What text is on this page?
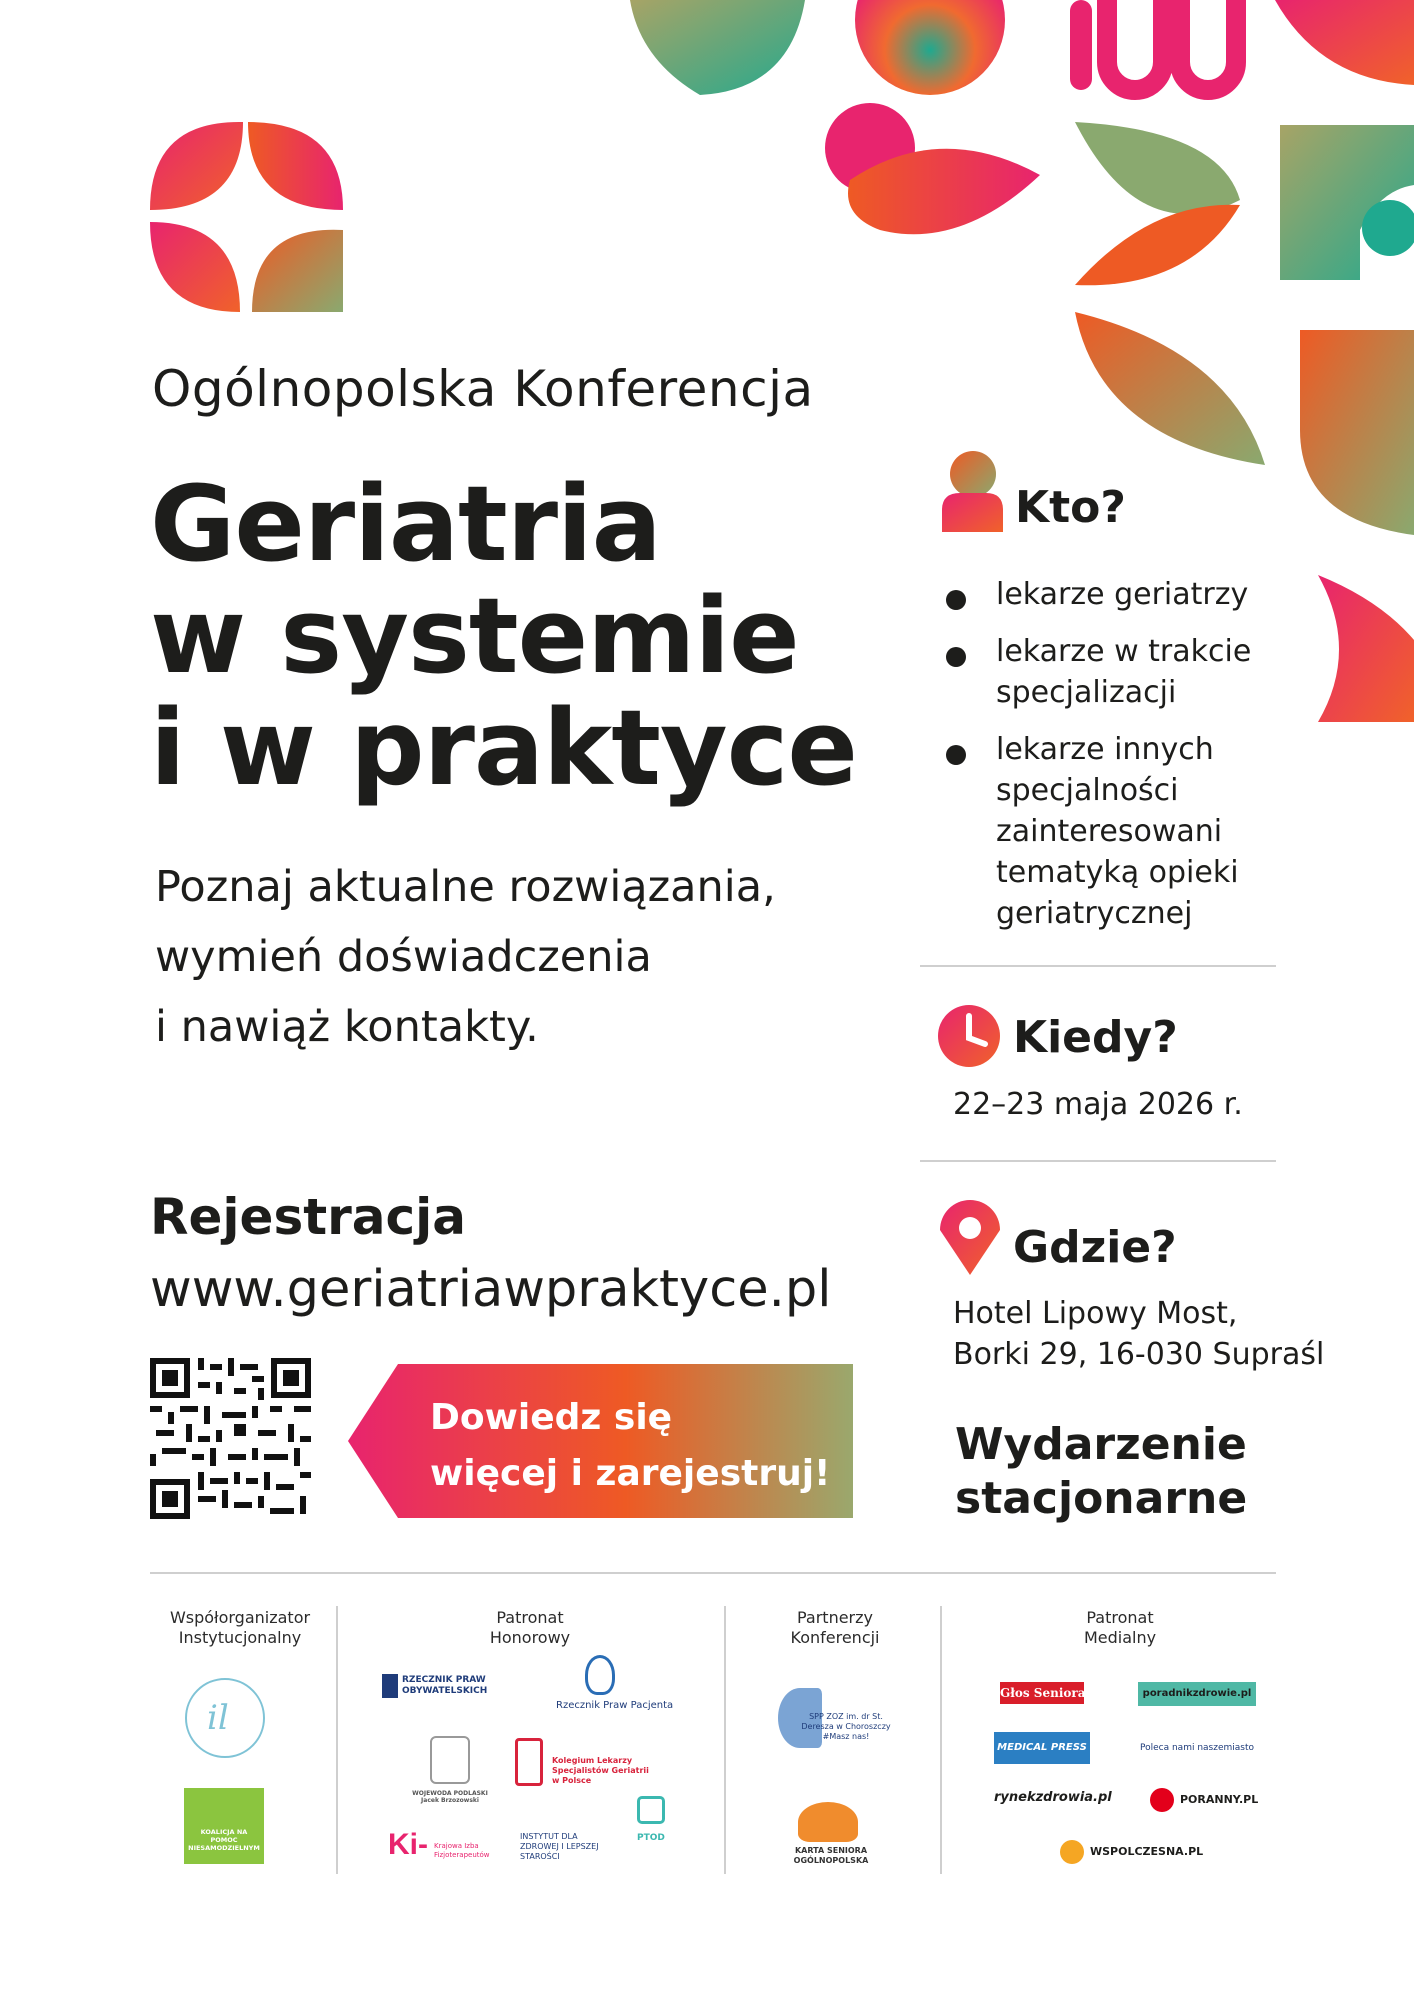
Ogólnopolska Konferencja
Geriatria
w systemie
i w praktyce
Poznaj aktualne rozwiązania,
wymień doświadczenia
i nawiąż kontakty.
Rejestracja
www.geriatriawpraktyce.pl
Dowiedz się
więcej i zarejestruj!
Kto?
lekarze geriatrzy
lekarze w trakcie
specjalizacji
lekarze innych
specjalności
zainteresowani
tematyką opieki
geriatrycznej
Kiedy?
22–23 maja 2026 r.
Gdzie?
Hotel Lipowy Most,
Borki 29, 16-030 Supraśl
Wydarzenie
stacjonarne
Współorganizator
Instytucjonalny
il
KOALICJA NA POMOC NIESAMODZIELNYM
Patronat
Honorowy
RZECZNIK PRAW OBYWATELSKICH
Rzecznik Praw Pacjenta
WOJEWODA PODLASKI Jacek Brzozowski
Kolegium Lekarzy Specjalistów Geriatrii w Polsce
Ki- Krajowa Izba Fizjoterapeutów
INSTYTUT DLA ZDROWEJ I LEPSZEJ STAROŚCI
PTOD
Partnerzy
Konferencji
SPP ZOZ im. dr St. Deresza w Choroszczy #Masz nas!
KARTA SENIORA OGÓLNOPOLSKA
Patronat
Medialny
Głos Seniora	poradnikzdrowie.pl
MEDICAL PRESS	Poleca nami naszemiasto
rynekzdrowia.pl	PORANNY.PL
WSPOLCZESNA.PL
